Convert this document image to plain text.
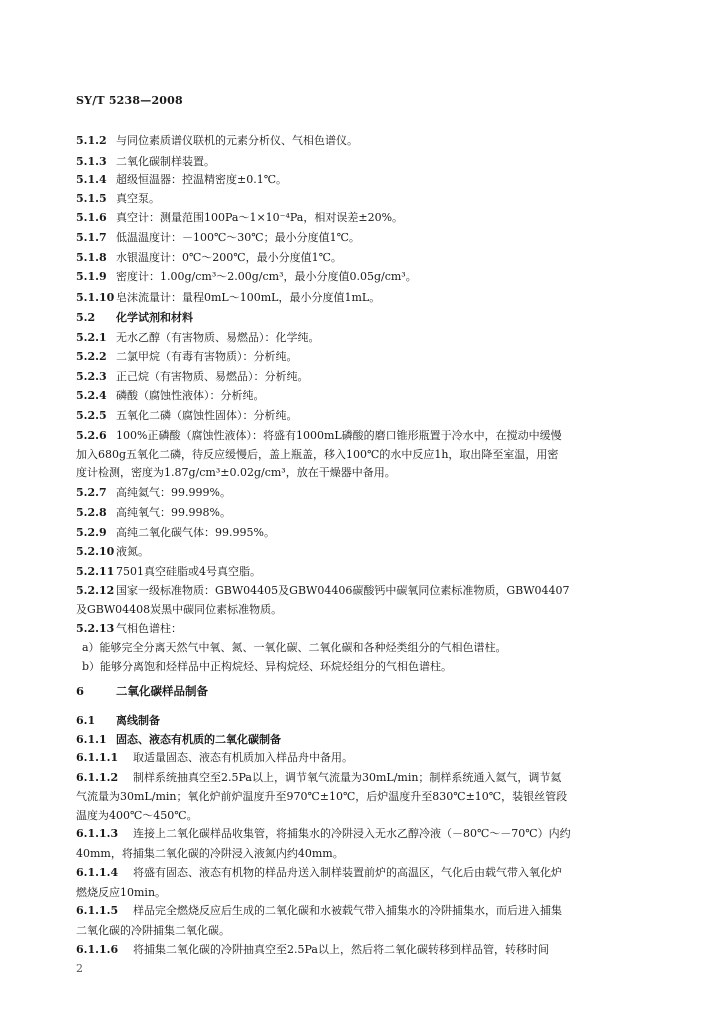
SY/T 5238—2008
5.1.2 与同位素质谱仪联机的元素分析仪、气相色谱仪。
5.1.3 二氧化碳制样装置。
5.1.4 超级恒温器：控温精密度±0.1℃。
5.1.5 真空泵。
5.1.6 真空计：测量范围100Pa～1×10⁻⁴Pa，相对误差±20%。
5.1.7 低温温度计：－100℃～30℃；最小分度值1℃。
5.1.8 水银温度计：0℃～200℃，最小分度值1℃。
5.1.9 密度计：1.00g/cm³～2.00g/cm³，最小分度值0.05g/cm³。
5.1.10 皂沫流量计：量程0mL～100mL，最小分度值1mL。
5.2 化学试剂和材料
5.2.1 无水乙醇（有害物质、易燃品）：化学纯。
5.2.2 二氯甲烷（有毒有害物质）：分析纯。
5.2.3 正己烷（有害物质、易燃品）：分析纯。
5.2.4 磷酸（腐蚀性液体）：分析纯。
5.2.5 五氧化二磷（腐蚀性固体）：分析纯。
5.2.6 100%正磷酸（腐蚀性液体）：将盛有1000mL磷酸的磨口锥形瓶置于冷水中，在搅动中缓慢
加入680g五氧化二磷，待反应缓慢后，盖上瓶盖，移入100℃的水中反应1h，取出降至室温，用密
度计检测，密度为1.87g/cm³±0.02g/cm³，放在干燥器中备用。
5.2.7 高纯氦气：99.999%。
5.2.8 高纯氧气：99.998%。
5.2.9 高纯二氧化碳气体：99.995%。
5.2.10 液氮。
5.2.11 7501真空硅脂或4号真空脂。
5.2.12 国家一级标准物质：GBW04405及GBW04406碳酸钙中碳氧同位素标准物质，GBW04407
及GBW04408炭黑中碳同位素标准物质。
5.2.13 气相色谱柱：
a）能够完全分离天然气中氧、氮、一氧化碳、二氧化碳和各种烃类组分的气相色谱柱。
b）能够分离饱和烃样品中正构烷烃、异构烷烃、环烷烃组分的气相色谱柱。
6	二氧化碳样品制备
6.1 离线制备
6.1.1 固态、液态有机质的二氧化碳制备
6.1.1.1 取适量固态、液态有机质加入样品舟中备用。
6.1.1.2 制样系统抽真空至2.5Pa以上，调节氧气流量为30mL/min；制样系统通入氦气，调节氦
气流量为30mL/min；氧化炉前炉温度升至970℃±10℃，后炉温度升至830℃±10℃，装银丝管段
温度为400℃～450℃。
6.1.1.3 连接上二氧化碳样品收集管，将捕集水的冷阱浸入无水乙醇冷液（－80℃～－70℃）内约
40mm，将捕集二氧化碳的冷阱浸入液氮内约40mm。
6.1.1.4 将盛有固态、液态有机物的样品舟送入制样装置前炉的高温区，气化后由载气带入氧化炉
燃烧反应10min。
6.1.1.5 样品完全燃烧反应后生成的二氧化碳和水被载气带入捕集水的冷阱捕集水，而后进入捕集
二氧化碳的冷阱捕集二氧化碳。
6.1.1.6 将捕集二氧化碳的冷阱抽真空至2.5Pa以上，然后将二氧化碳转移到样品管，转移时间
2
